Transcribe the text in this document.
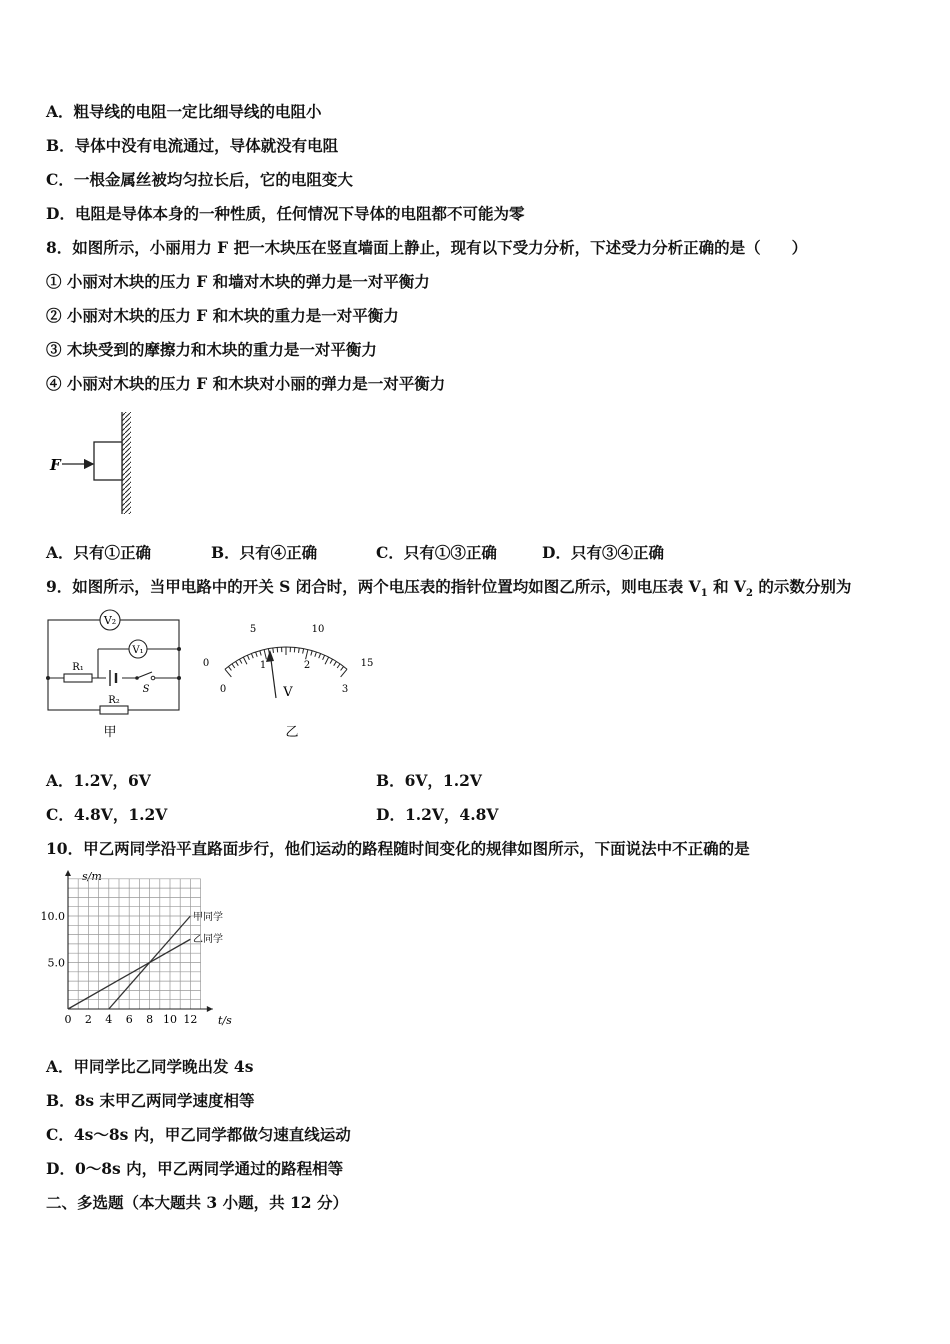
A．粗导线的电阻一定比细导线的电阻小
B．导体中没有电流通过，导体就没有电阻
C．一根金属丝被均匀拉长后，它的电阻变大
D．电阻是导体本身的一种性质，任何情况下导体的电阻都不可能为零
8．如图所示，小丽用力 F 把一木块压在竖直墙面上静止，现有以下受力分析，下述受力分析正确的是（　　）
① 小丽对木块的压力 F 和墙对木块的弹力是一对平衡力
② 小丽对木块的压力 F 和木块的重力是一对平衡力
③ 木块受到的摩擦力和木块的重力是一对平衡力
④ 小丽对木块的压力 F 和木块对小丽的弹力是一对平衡力
F
A．只有①正确	B．只有④正确	C．只有①③正确	D．只有③④正确
9．如图所示，当甲电路中的开关 S 闭合时，两个电压表的指针位置均如图乙所示，则电压表 $V_1$ 和 $V_2$ 的示数分别为
V₂
V₁
R₁
R₂
S
甲
0
5	10
15
0
1	2
3
V
乙
A．1.2V，6V	B．6V，1.2V
C．4.8V，1.2V	D．1.2V，4.8V
10．甲乙两同学沿平直路面步行，他们运动的路程随时间变化的规律如图所示，下面说法中不正确的是
s/m
t/s
甲同学
乙同学
0 2 4 6 8 10 12
5.0
10.0
A．甲同学比乙同学晚出发 4s
B．8s 末甲乙两同学速度相等
C．4s～8s 内，甲乙同学都做匀速直线运动
D．0～8s 内，甲乙两同学通过的路程相等
二、多选题（本大题共 3 小题，共 12 分）
